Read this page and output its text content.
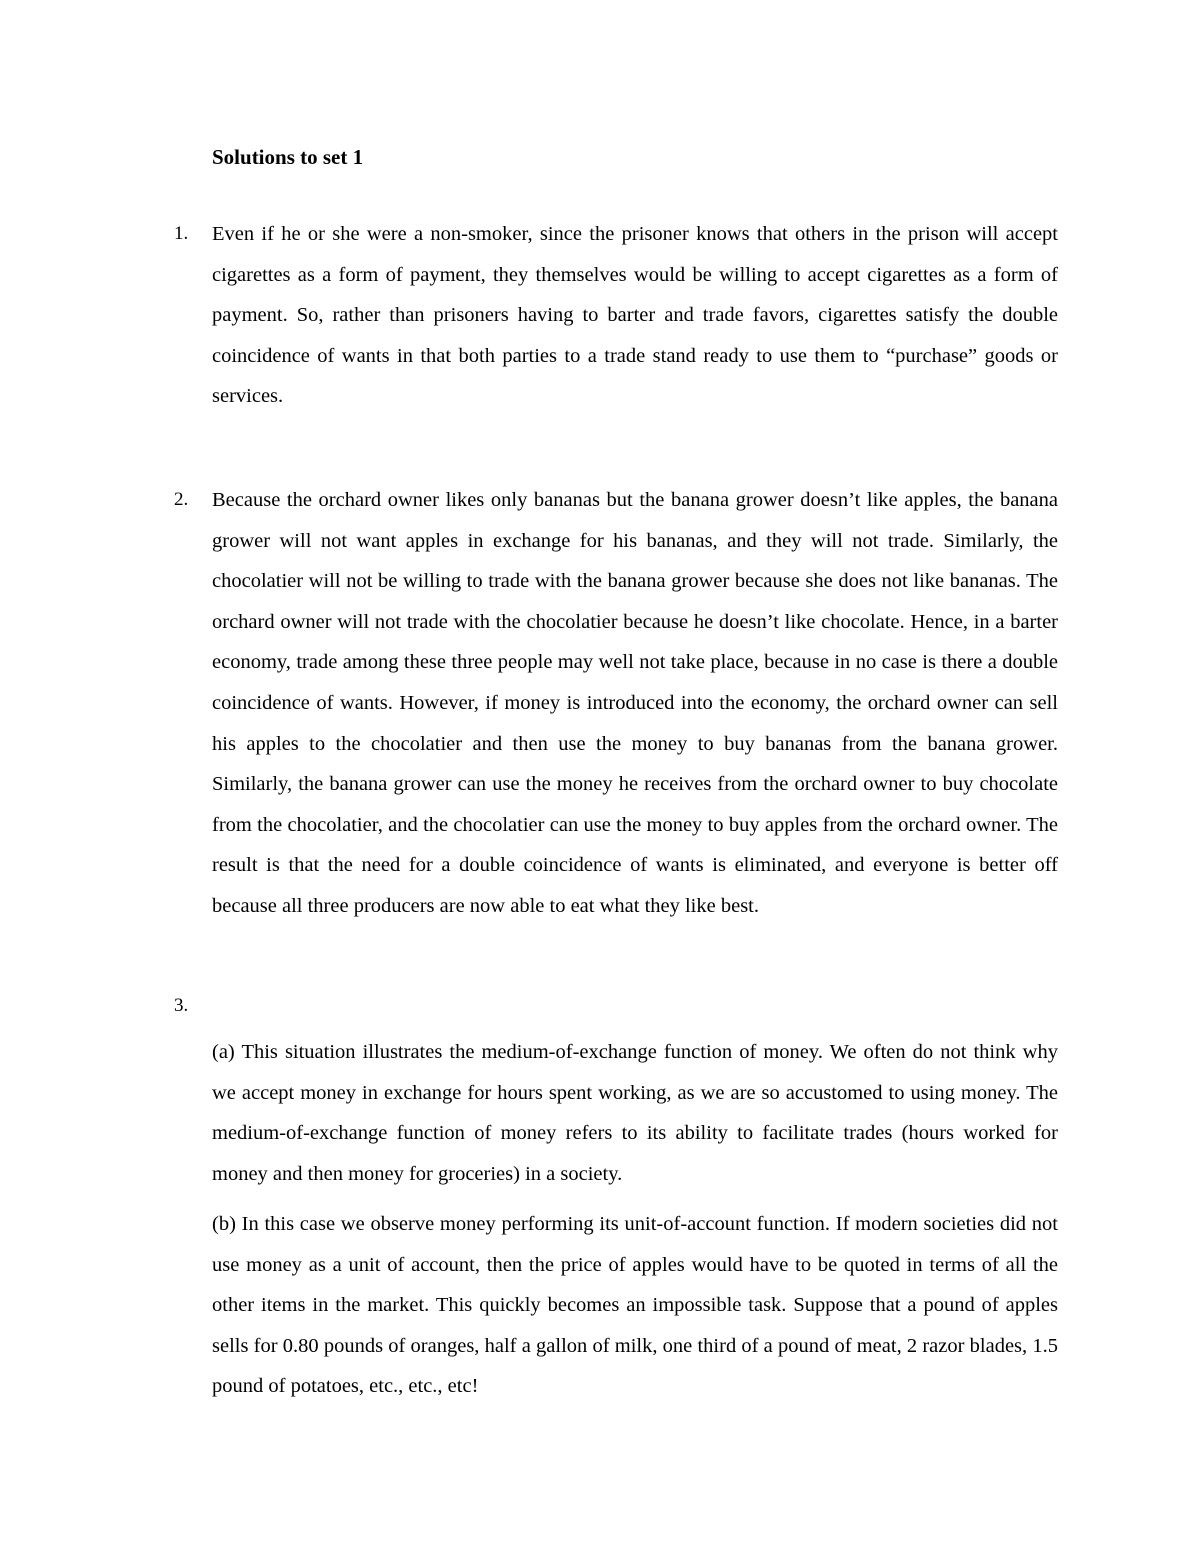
Solutions to set 1
1. Even if he or she were a non-smoker, since the prisoner knows that others in the prison will accept cigarettes as a form of payment, they themselves would be willing to accept cigarettes as a form of payment. So, rather than prisoners having to barter and trade favors, cigarettes satisfy the double coincidence of wants in that both parties to a trade stand ready to use them to “purchase” goods or services.

2. Because the orchard owner likes only bananas but the banana grower doesn’t like apples, the banana grower will not want apples in exchange for his bananas, and they will not trade. Similarly, the chocolatier will not be willing to trade with the banana grower because she does not like bananas. The orchard owner will not trade with the chocolatier because he doesn’t like chocolate. Hence, in a barter economy, trade among these three people may well not take place, because in no case is there a double coincidence of wants. However, if money is introduced into the economy, the orchard owner can sell his apples to the chocolatier and then use the money to buy bananas from the banana grower. Similarly, the banana grower can use the money he receives from the orchard owner to buy chocolate from the chocolatier, and the chocolatier can use the money to buy apples from the orchard owner. The result is that the need for a double coincidence of wants is eliminated, and everyone is better off because all three producers are now able to eat what they like best.

3.

(a) This situation illustrates the medium-of-exchange function of money. We often do not think why we accept money in exchange for hours spent working, as we are so accustomed to using money. The medium-of-exchange function of money refers to its ability to facilitate trades (hours worked for money and then money for groceries) in a society.

(b) In this case we observe money performing its unit-of-account function. If modern societies did not use money as a unit of account, then the price of apples would have to be quoted in terms of all the other items in the market. This quickly becomes an impossible task. Suppose that a pound of apples sells for 0.80 pounds of oranges, half a gallon of milk, one third of a pound of meat, 2 razor blades, 1.5 pound of potatoes, etc., etc., etc!
